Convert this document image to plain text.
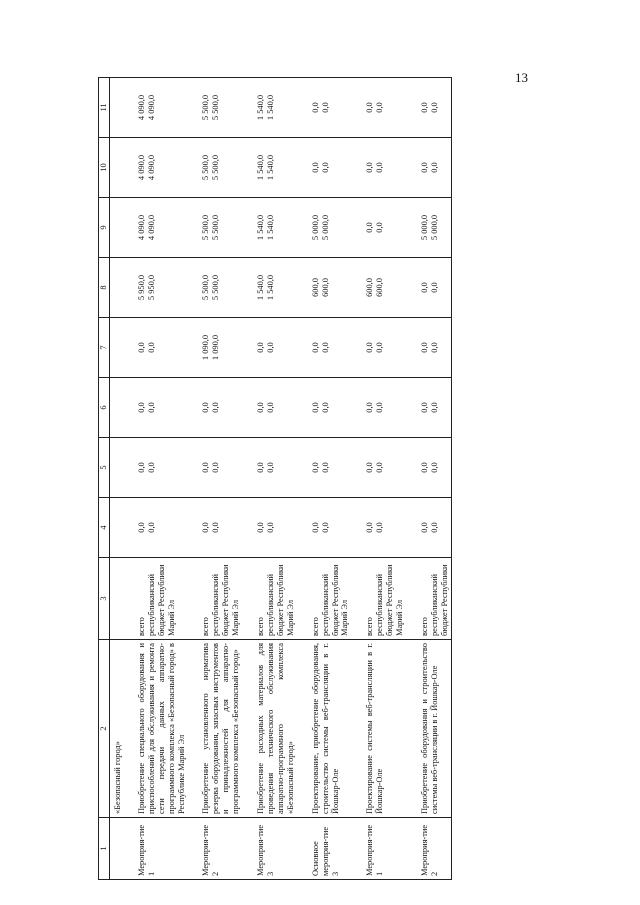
13
1	2	3	4	5	6	7	8	9	10	11
	«Безопасный город»									
Мероприя-тие 1	Приобретение специального оборудования и приспособлений для обслуживания и ремонта сети передачи данных аппаратно-программного комплекса «Безопасный город» в Республике Марий Эл	всего республиканский бюджет Республики Марий Эл	0,0 0,0	0,0 0,0	0,0 0,0	0,0 0,0	5 950,0 5 950,0	4 090,0 4 090,0	4 090,0 4 090,0	4 090,0 4 090,0

Мероприя-тие 2	Приобретение установленного норматива резерва оборудования, запасных инструментов и принадлежностей для аппаратно-программного комплекса «Безопасный город»	всего республиканский бюджет Республики Марий Эл	0,0 0,0	0,0 0,0	0,0 0,0	1 090,0 1 090,0	5 500,0 5 500,0	5 500,0 5 500,0	5 500,0 5 500,0	5 500,0 5 500,0

Мероприя-тие 3	Приобретение расходных материалов для проведения технического обслуживания аппаратно-программного комплекса «Безопасный город»	всего республиканский бюджет Республики Марий Эл	0,0 0,0	0,0 0,0	0,0 0,0	0,0 0,0	1 540,0 1 540,0	1 540,0 1 540,0	1 540,0 1 540,0	1 540,0 1 540,0

Основное мероприя-тие 3	Проектирование, приобретение оборудования, строительство системы веб-трансляции в г. Йошкар-Оле	всего республиканский бюджет Республики Марий Эл	0,0 0,0	0,0 0,0	0,0 0,0	0,0 0,0	600,0 600,0	5 000,0 5 000,0	0,0 0,0	0,0 0,0

Мероприя-тие 1	Проектирование системы веб-трансляции в г. Йошкар-Оле	всего республиканский бюджет Республики Марий Эл	0,0 0,0	0,0 0,0	0,0 0,0	0,0 0,0	600,0 600,0	0,0 0,0	0,0 0,0	0,0 0,0

Мероприя-тие 2	Приобретение оборудования и строительство системы веб-трансляции в г. Йошкар-Оле	всего республиканский бюджет Республики	0,0 0,0	0,0 0,0	0,0 0,0	0,0 0,0	0,0 0,0	5 000,0 5 000,0	0,0 0,0	0,0 0,0
